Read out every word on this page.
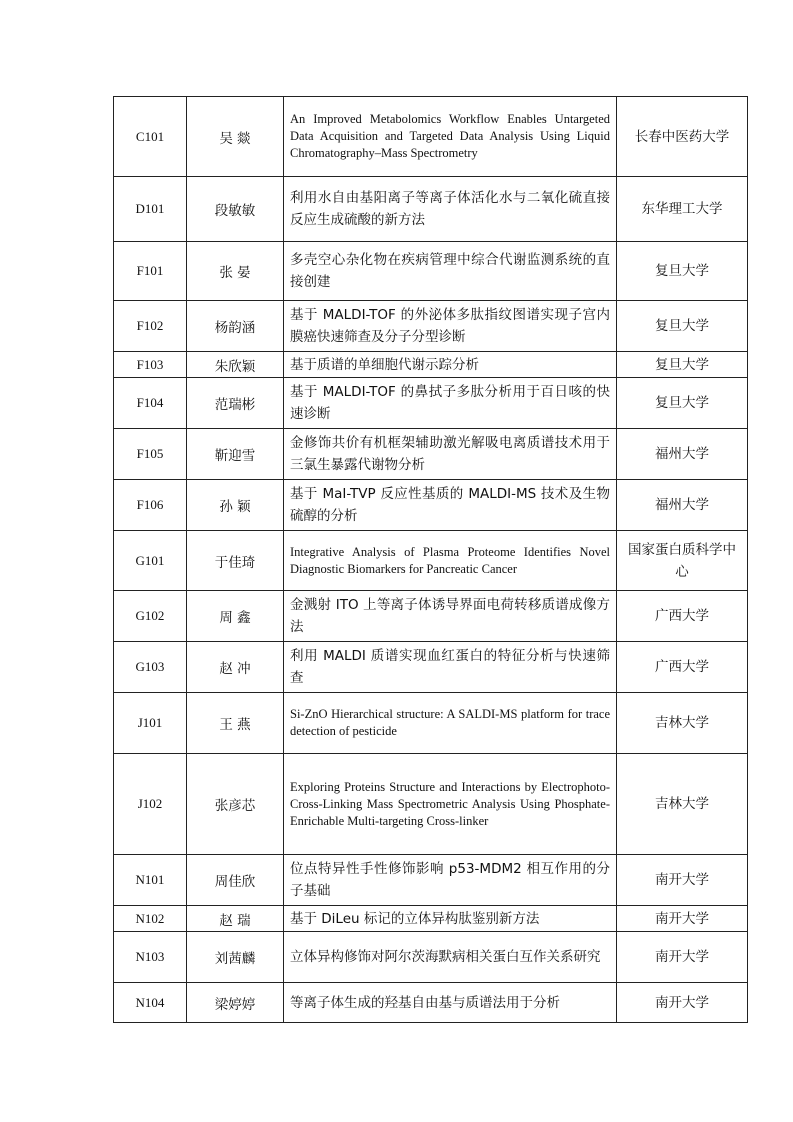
C101	吴 燚	An Improved Metabolomics Workflow Enables Untargeted Data Acquisition and Targeted Data Analysis Using Liquid Chromatography–Mass Spectrometry	长春中医药大学
D101	段敏敏	利用水自由基阳离子等离子体活化水与二氧化硫直接反应生成硫酸的新方法	东华理工大学
F101	张 晏	多壳空心杂化物在疾病管理中综合代谢监测系统的直接创建	复旦大学
F102	杨韵涵	基于 MALDI-TOF 的外泌体多肽指纹图谱实现子宫内膜癌快速筛查及分子分型诊断	复旦大学
F103	朱欣颖	基于质谱的单细胞代谢示踪分析	复旦大学
F104	范瑞彬	基于 MALDI-TOF 的鼻拭子多肽分析用于百日咳的快速诊断	复旦大学
F105	靳迎雪	金修饰共价有机框架辅助激光解吸电离质谱技术用于三氯生暴露代谢物分析	福州大学
F106	孙 颖	基于 MaI-TVP 反应性基质的 MALDI-MS 技术及生物硫醇的分析	福州大学
G101	于佳琦	Integrative Analysis of Plasma Proteome Identifies Novel Diagnostic Biomarkers for Pancreatic Cancer	国家蛋白质科学中心
G102	周 鑫	金溅射 ITO 上等离子体诱导界面电荷转移质谱成像方法	广西大学
G103	赵 冲	利用 MALDI 质谱实现血红蛋白的特征分析与快速筛查	广西大学
J101	王 燕	Si-ZnO Hierarchical structure: A SALDI-MS platform for trace detection of pesticide	吉林大学
J102	张彦芯	Exploring Proteins Structure and Interactions by Electrophoto-Cross-Linking Mass Spectrometric Analysis Using Phosphate-Enrichable Multi-targeting Cross-linker	吉林大学
N101	周佳欣	位点特异性手性修饰影响 p53-MDM2 相互作用的分子基础	南开大学
N102	赵 瑞	基于 DiLeu 标记的立体异构肽鉴别新方法	南开大学
N103	刘茜麟	立体异构修饰对阿尔茨海默病相关蛋白互作关系研究	南开大学
N104	梁婷婷	等离子体生成的羟基自由基与质谱法用于分析	南开大学
